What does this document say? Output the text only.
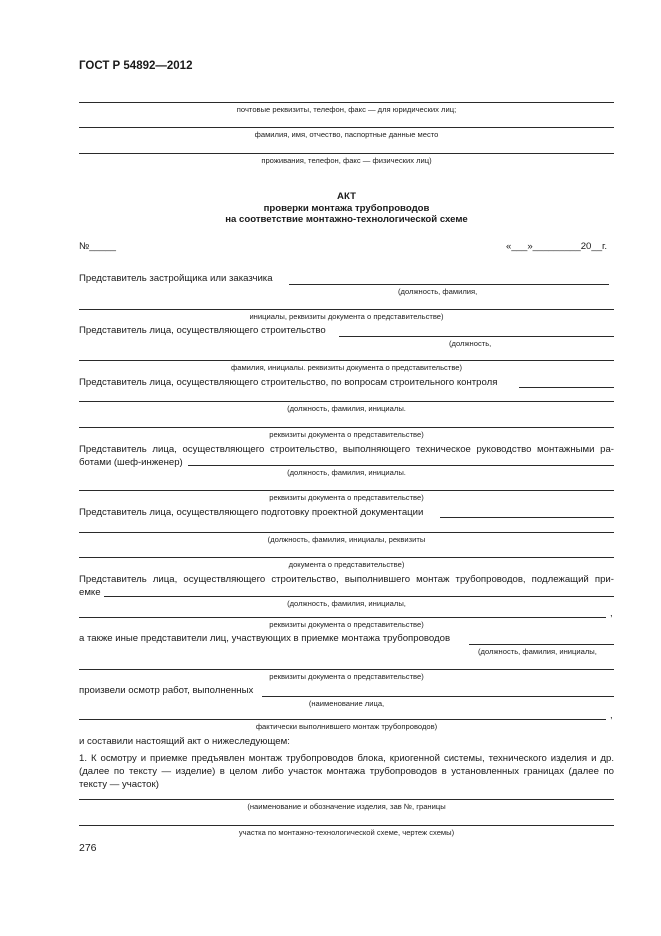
ГОСТ Р 54892—2012
почтовые реквизиты, телефон, факс — для юридических лиц;
фамилия, имя, отчество, паспортные данные место
проживания, телефон, факс — физических лиц)
АКТ
проверки монтажа трубопроводов
на соответствие монтажно-технологической схеме
№_____	«___»_________20__г.
Представитель застройщика или заказчика
(должность, фамилия,
инициалы, реквизиты документа о представительстве)
Представитель лица, осуществляющего строительство
(должность,
фамилия, инициалы. реквизиты документа о представительстве)
Представитель лица, осуществляющего строительство, по вопросам строительного контроля
(должность, фамилия, инициалы.
реквизиты документа о представительстве)
Представитель лица, осуществляющего строительство, выполняющего техническое руководство монтажными ра-
ботами (шеф-инженер)
(должность, фамилия, инициалы.
реквизиты документа о представительстве)
Представитель лица, осуществляющего подготовку проектной документации
(должность, фамилия, инициалы, реквизиты
документа о представительстве)
Представитель лица, осуществляющего строительство, выполнившего монтаж трубопроводов, подлежащий при-
емке
(должность, фамилия, инициалы,
,
реквизиты документа о представительстве)
а также иные представители лиц, участвующих в приемке монтажа трубопроводов
(должность, фамилия, инициалы,
реквизиты документа о представительстве)
произвели осмотр работ, выполненных
(наименование лица,
,
фактически выполнившего монтаж трубопроводов)
и составили настоящий акт о нижеследующем:
1. К осмотру и приемке предъявлен монтаж трубопроводов блока, криогенной системы, технического изделия и др. (далее по тексту — изделие) в целом либо участок монтажа трубопроводов в установленных границах (далее по тексту — участок)
(наименование и обозначение изделия, зав №, границы
участка по монтажно-технологической схеме, чертеж схемы)
276
